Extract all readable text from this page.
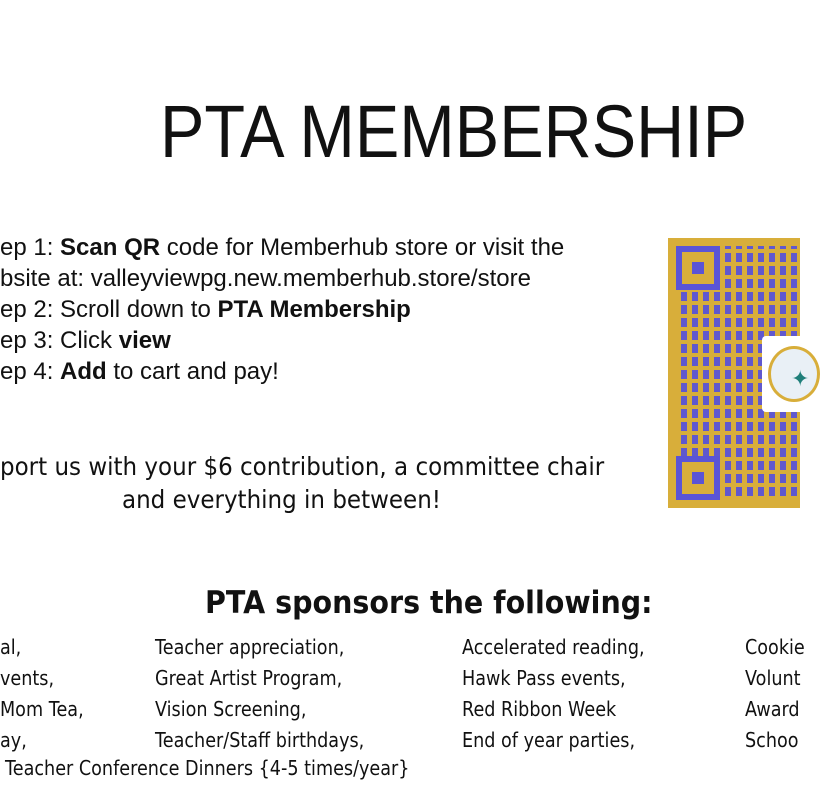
PTA MEMBERSHIP
ep 1: Scan QR code for Memberhub store or visit the
bsite at: valleyviewpg.new.memberhub.store/store
ep 2: Scroll down to PTA Membership
ep 3: Click view
ep 4: Add to cart and pay!
port us with your $6 contribution, a committee chair
and everything in between!
✦
PTA sponsors the following:
al,
vents,
Mom Tea,
ay,
Teacher appreciation,
Great Artist Program,
Vision Screening,
Teacher/Staff birthdays,
Accelerated reading,
Hawk Pass events,
Red Ribbon Week
End of year parties,
Cookie
Volunt
Award
Schoo
Teacher Conference Dinners {4-5 times/year}
